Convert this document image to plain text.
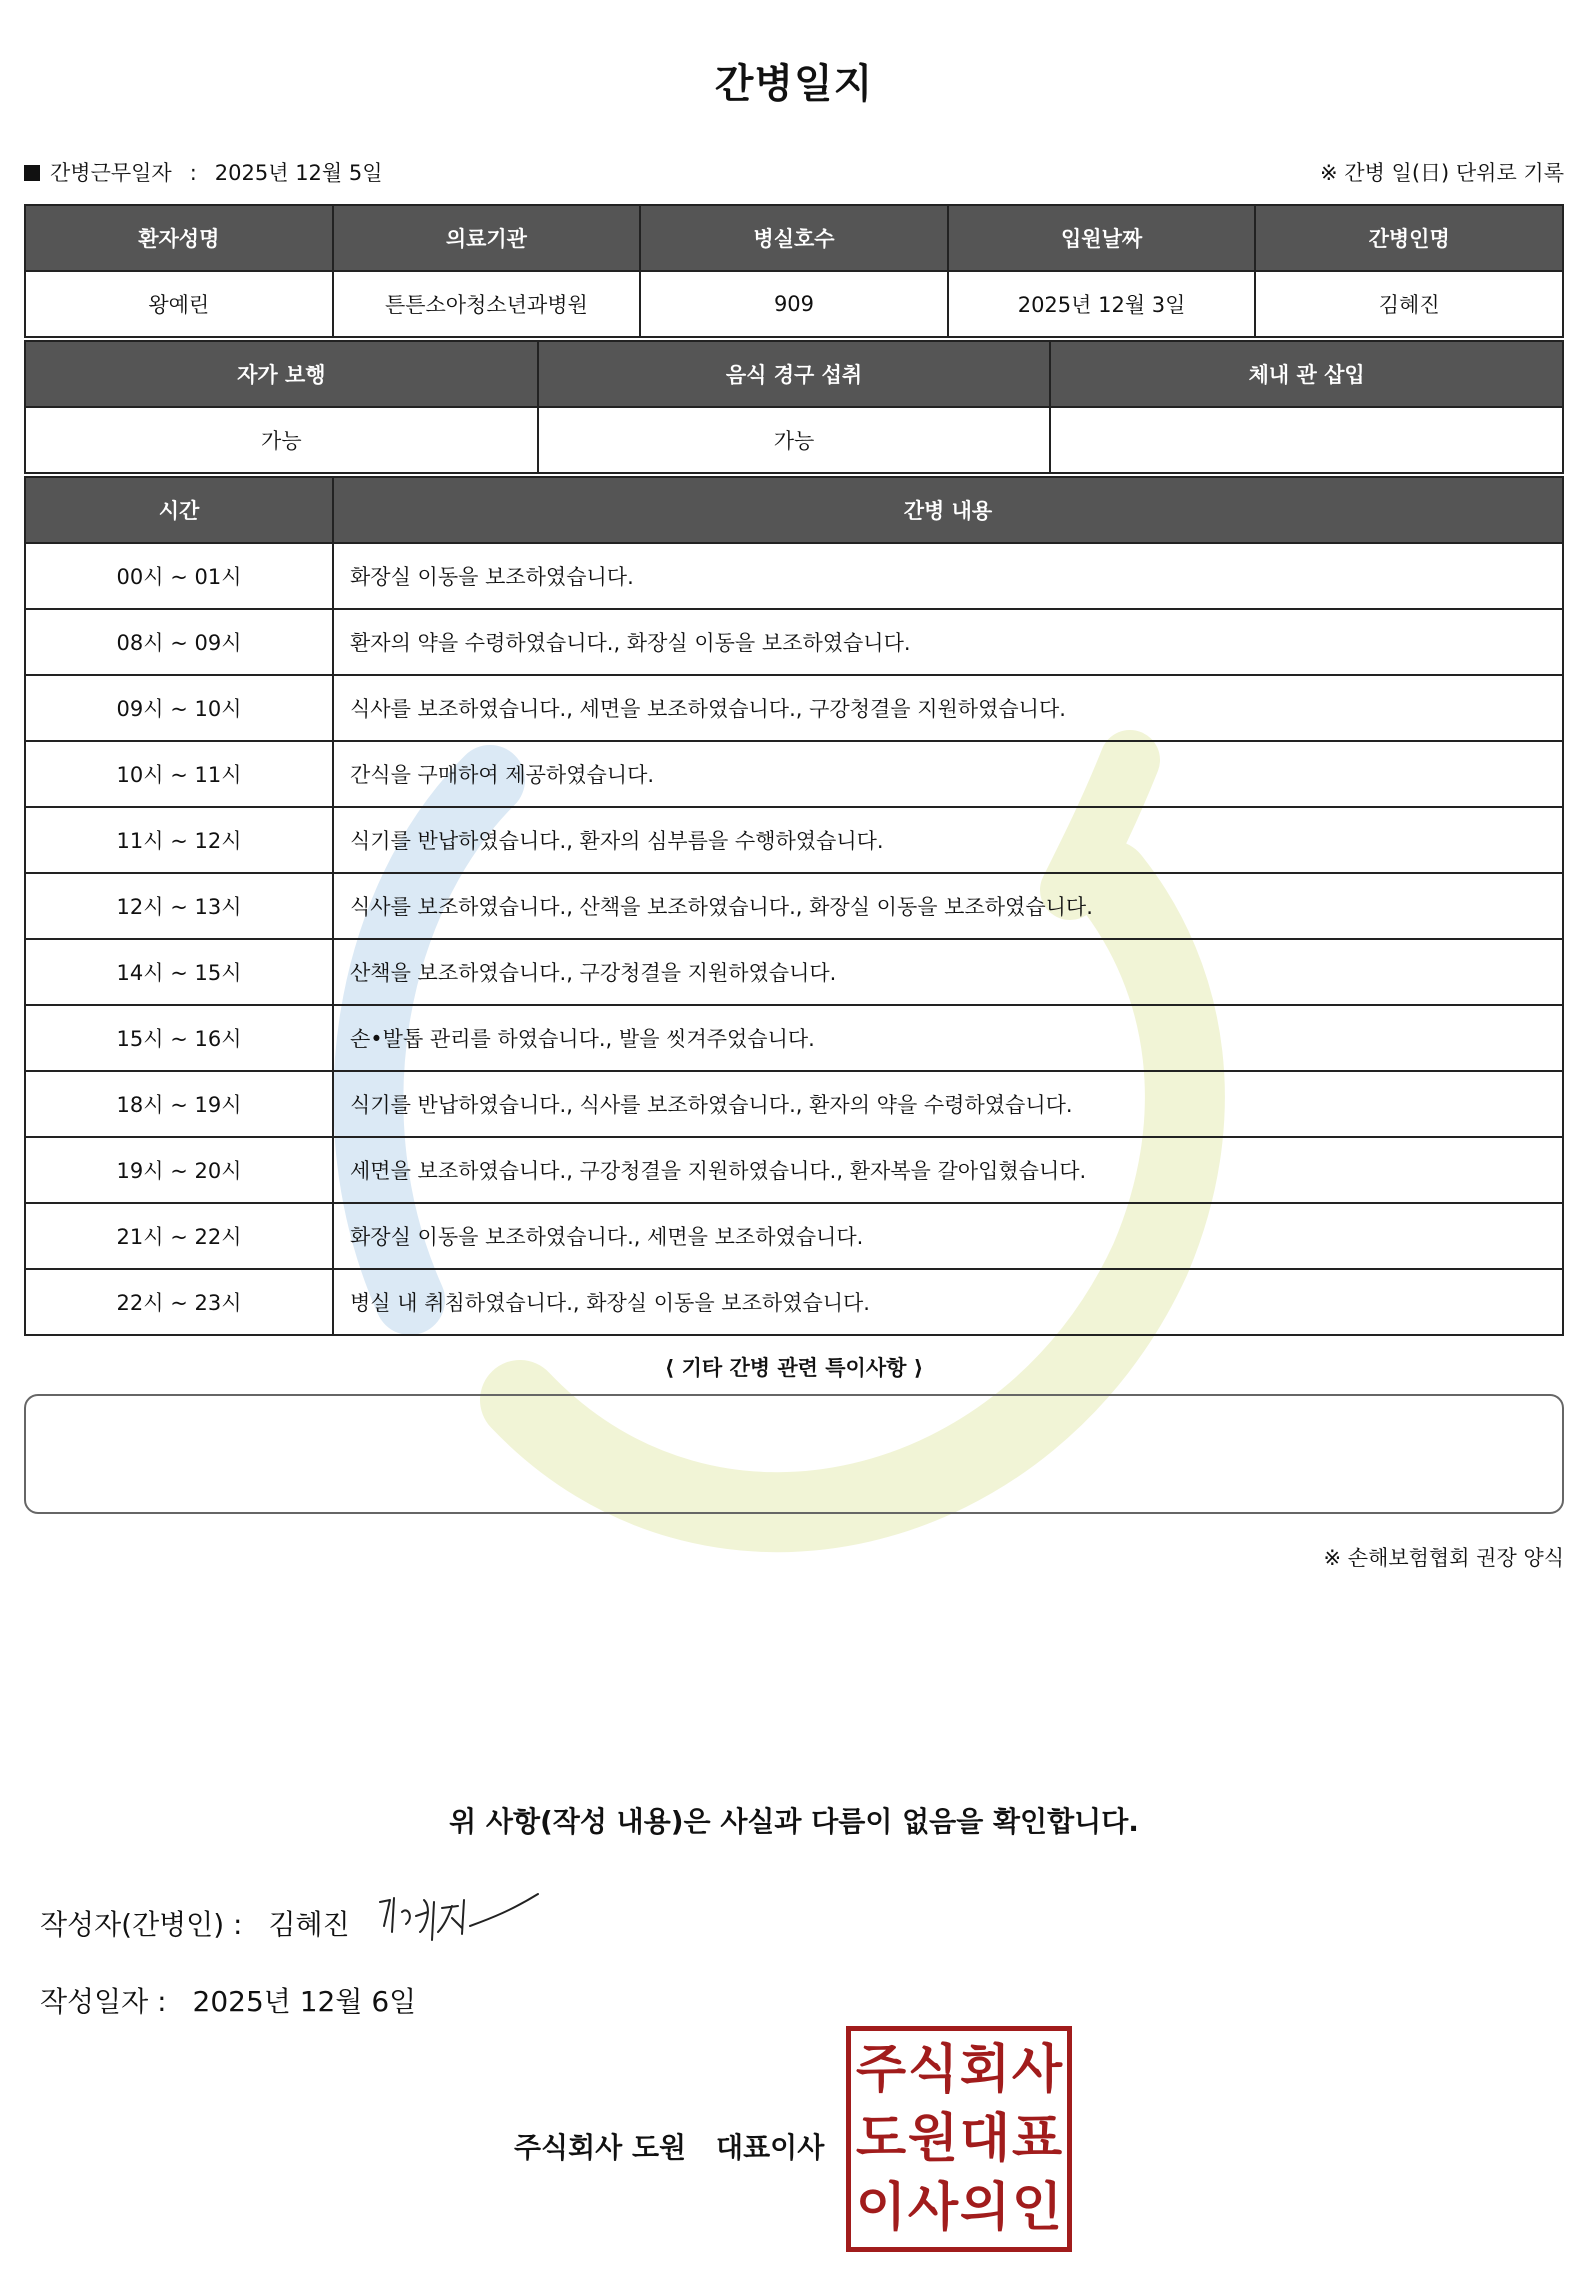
간병일지
간병근무일자 : 2025년 12월 5일	※ 간병 일(日) 단위로 기록
환자성명	의료기관	병실호수	입원날짜	간병인명
왕예린	튼튼소아청소년과병원	909	2025년 12월 3일	김혜진
자가 보행	음식 경구 섭취	체내 관 삽입
가능	가능	
시간	간병 내용
00시 ~ 01시	화장실 이동을 보조하였습니다.
08시 ~ 09시	환자의 약을 수령하였습니다., 화장실 이동을 보조하였습니다.
09시 ~ 10시	식사를 보조하였습니다., 세면을 보조하였습니다., 구강청결을 지원하였습니다.
10시 ~ 11시	간식을 구매하여 제공하였습니다.
11시 ~ 12시	식기를 반납하였습니다., 환자의 심부름을 수행하였습니다.
12시 ~ 13시	식사를 보조하였습니다., 산책을 보조하였습니다., 화장실 이동을 보조하였습니다.
14시 ~ 15시	산책을 보조하였습니다., 구강청결을 지원하였습니다.
15시 ~ 16시	손•발톱 관리를 하였습니다., 발을 씻겨주었습니다.
18시 ~ 19시	식기를 반납하였습니다., 식사를 보조하였습니다., 환자의 약을 수령하였습니다.
19시 ~ 20시	세면을 보조하였습니다., 구강청결을 지원하였습니다., 환자복을 갈아입혔습니다.
21시 ~ 22시	화장실 이동을 보조하였습니다., 세면을 보조하였습니다.
22시 ~ 23시	병실 내 취침하였습니다., 화장실 이동을 보조하였습니다.
⟨ 기타 간병 관련 특이사항 ⟩
※ 손해보험협회 권장 양식
위 사항(작성 내용)은 사실과 다름이 없음을 확인합니다.
작성자(간병인) : 김혜진
작성일자 : 2025년 12월 6일
주식회사 도원 대표이사
주 식 회 사
도 원 대 표
이 사 의 인
